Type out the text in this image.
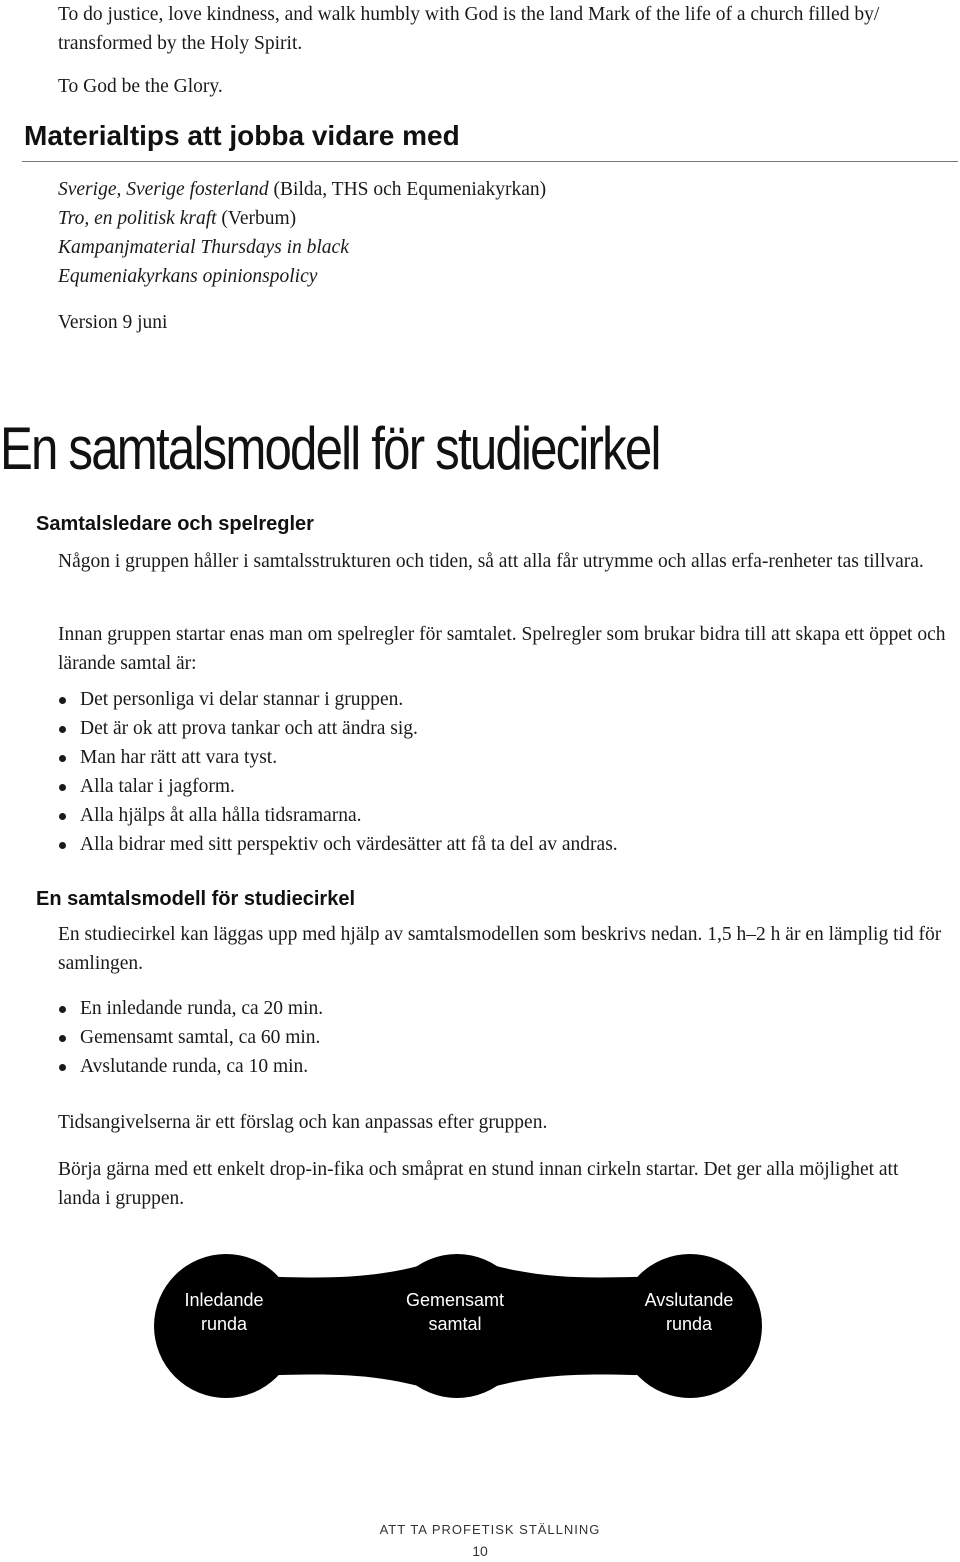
To do justice, love kindness, and walk humbly with God is the land Mark of the life of a church filled by/ transformed by the Holy Spirit.

To God be the Glory.
Materialtips att jobba vidare med
Sverige, Sverige fosterland (Bilda, THS och Equmeniakyrkan)
Tro, en politisk kraft (Verbum)
Kampanjmaterial Thursdays in black
Equmeniakyrkans opinionspolicy
Version 9 juni
En samtalsmodell för studiecirkel
Samtalsledare och spelregler
Någon i gruppen håller i samtalsstrukturen och tiden, så att alla får utrymme och allas erfa-renheter tas tillvara.
Innan gruppen startar enas man om spelregler för samtalet. Spelregler som brukar bidra till att skapa ett öppet och lärande samtal är:
Det personliga vi delar stannar i gruppen.
Det är ok att prova tankar och att ändra sig.
Man har rätt att vara tyst.
Alla talar i jagform.
Alla hjälps åt alla hålla tidsramarna.
Alla bidrar med sitt perspektiv och värdesätter att få ta del av andras.
En samtalsmodell för studiecirkel
En studiecirkel kan läggas upp med hjälp av samtalsmodellen som beskrivs nedan. 1,5 h–2 h är en lämplig tid för samlingen.
En inledande runda, ca 20 min.
Gemensamt samtal, ca 60 min.
Avslutande runda, ca 10 min.
Tidsangivelserna är ett förslag och kan anpassas efter gruppen.
Börja gärna med ett enkelt drop-in-fika och småprat en stund innan cirkeln startar. Det ger alla möjlighet att landa i gruppen.
Inledande
runda
Gemensamt
samtal
Avslutande
runda
ATT TA PROFETISK STÄLLNING
10
